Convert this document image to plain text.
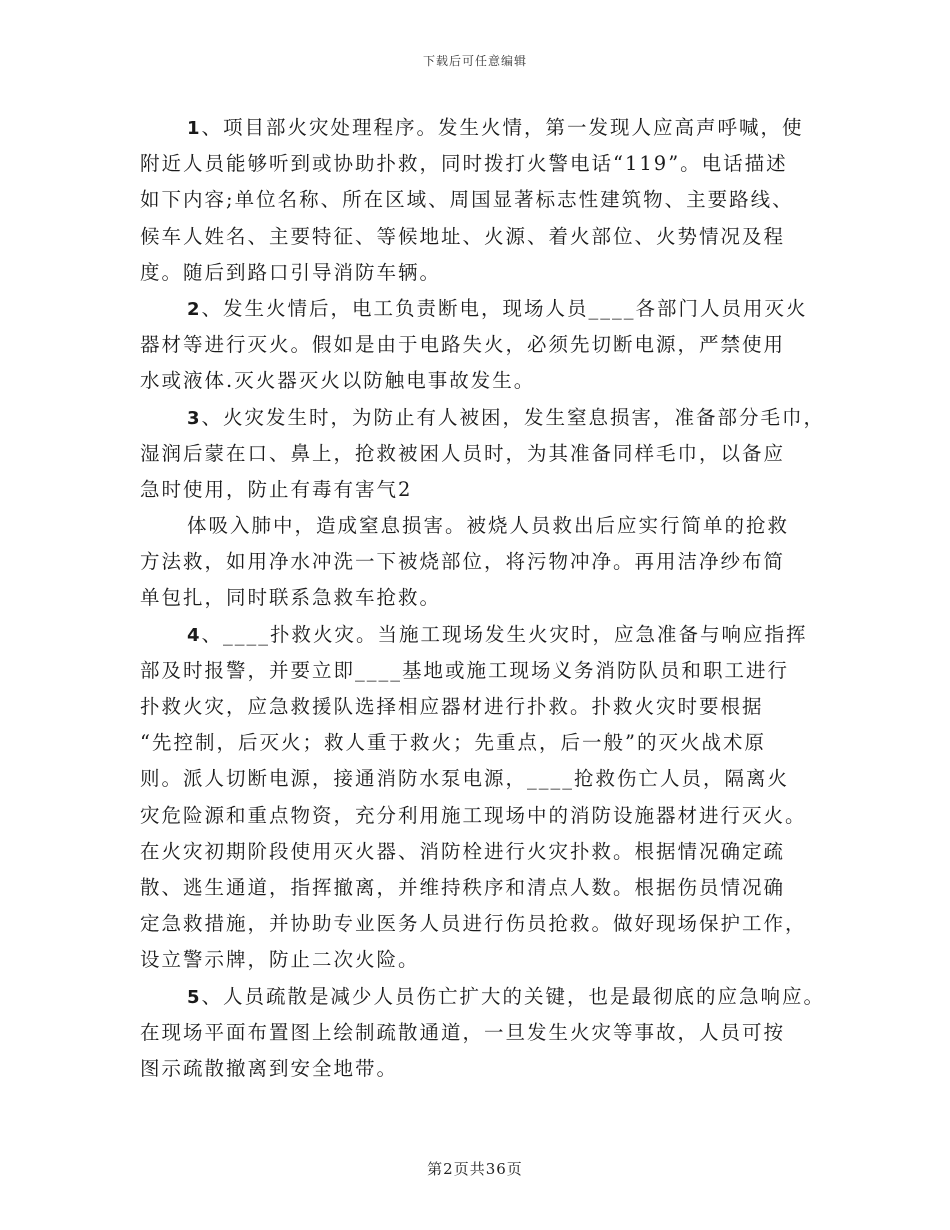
下载后可任意编辑
1、项目部火灾处理程序。发生火情，第一发现人应高声呼喊，使
附近人员能够听到或协助扑救，同时拨打火警电话“119”。电话描述
如下内容;单位名称、所在区域、周国显著标志性建筑物、主要路线、
候车人姓名、主要特征、等候地址、火源、着火部位、火势情况及程
度。随后到路口引导消防车辆。
2、发生火情后，电工负责断电，现场人员____各部门人员用灭火
器材等进行灭火。假如是由于电路失火，必须先切断电源，严禁使用
水或液体.灭火器灭火以防触电事故发生。
3、火灾发生时，为防止有人被困，发生窒息损害，准备部分毛巾，
湿润后蒙在口、鼻上，抢救被困人员时，为其准备同样毛巾，以备应
急时使用，防止有毒有害气2
体吸入肺中，造成窒息损害。被烧人员救出后应实行简单的抢救
方法救，如用净水冲洗一下被烧部位，将污物冲净。再用洁净纱布简
单包扎，同时联系急救车抢救。
4、____扑救火灾。当施工现场发生火灾时，应急准备与响应指挥
部及时报警，并要立即____基地或施工现场义务消防队员和职工进行
扑救火灾，应急救援队选择相应器材进行扑救。扑救火灾时要根据
“先控制，后灭火；救人重于救火；先重点，后一般”的灭火战术原
则。派人切断电源，接通消防水泵电源，____抢救伤亡人员，隔离火
灾危险源和重点物资，充分利用施工现场中的消防设施器材进行灭火。
在火灾初期阶段使用灭火器、消防栓进行火灾扑救。根据情况确定疏
散、逃生通道，指挥撤离，并维持秩序和清点人数。根据伤员情况确
定急救措施，并协助专业医务人员进行伤员抢救。做好现场保护工作，
设立警示牌，防止二次火险。
5、人员疏散是减少人员伤亡扩大的关键，也是最彻底的应急响应。
在现场平面布置图上绘制疏散通道，一旦发生火灾等事故，人员可按
图示疏散撤离到安全地带。
第2页共36页
